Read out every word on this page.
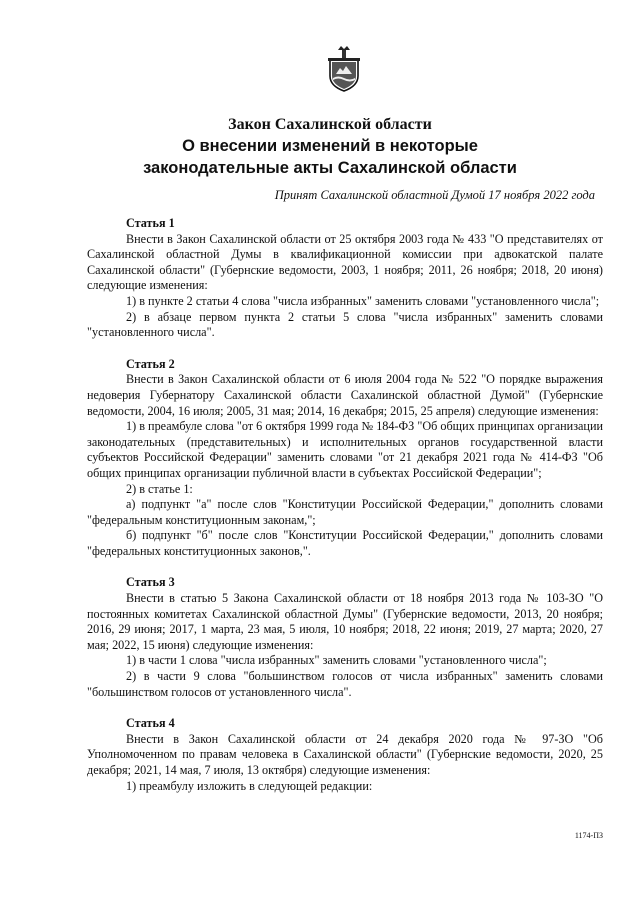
Закон Сахалинской области
О внесении изменений в некоторые
законодательные акты Сахалинской области
Принят Сахалинской областной Думой 17 ноября 2022 года

Статья 1

Внести в Закон Сахалинской области от 25 октября 2003 года № 433 "О представителях от Сахалинской областной Думы в квалификационной комиссии при адвокатской палате Сахалинской области" (Губернские ведомости, 2003, 1 ноября; 2011, 26 ноября; 2018, 20 июня) следующие изменения:

1) в пункте 2 статьи 4 слова "числа избранных" заменить словами "установленного числа";

2) в абзаце первом пункта 2 статьи 5 слова "числа избранных" заменить словами "установленного числа".

Статья 2

Внести в Закон Сахалинской области от 6 июля 2004 года № 522 "О порядке выражения недоверия Губернатору Сахалинской области Сахалинской областной Думой" (Губернские ведомости, 2004, 16 июля; 2005, 31 мая; 2014, 16 декабря; 2015, 25 апреля) следующие изменения:

1) в преамбуле слова "от 6 октября 1999 года № 184-ФЗ "Об общих принципах организации законодательных (представительных) и исполнительных органов государственной власти субъектов Российской Федерации" заменить словами "от 21 декабря 2021 года № 414-ФЗ "Об общих принципах организации публичной власти в субъектах Российской Федерации";

2) в статье 1:

а) подпункт "а" после слов "Конституции Российской Федерации," дополнить словами "федеральным конституционным законам,";

б) подпункт "б" после слов "Конституции Российской Федерации," дополнить словами "федеральных конституционных законов,".

Статья 3

Внести в статью 5 Закона Сахалинской области от 18 ноября 2013 года № 103-ЗО "О постоянных комитетах Сахалинской областной Думы" (Губернские ведомости, 2013, 20 ноября; 2016, 29 июня; 2017, 1 марта, 23 мая, 5 июля, 10 ноября; 2018, 22 июня; 2019, 27 марта; 2020, 27 мая; 2022, 15 июня) следующие изменения:

1) в части 1 слова "числа избранных" заменить словами "установленного числа";

2) в части 9 слова "большинством голосов от числа избранных" заменить словами "большинством голосов от установленного числа".

Статья 4

Внести в Закон Сахалинской области от 24 декабря 2020 года № 97-ЗО "Об Уполномоченном по правам человека в Сахалинской области" (Губернские ведомости, 2020, 25 декабря; 2021, 14 мая, 7 июля, 13 октября) следующие изменения:

1) преамбулу изложить в следующей редакции:

1174-ПЗ
